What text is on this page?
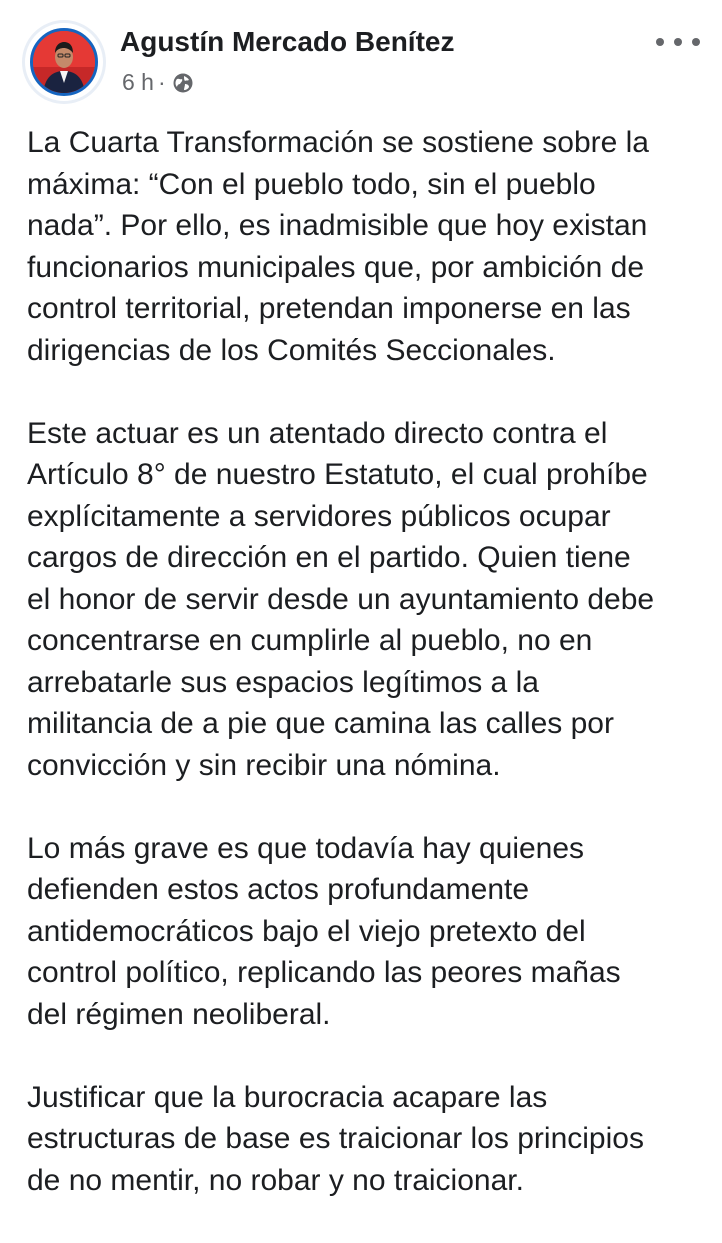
Agustín Mercado Benítez
6 h ·

La Cuarta Transformación se sostiene sobre la
máxima: “Con el pueblo todo, sin el pueblo
nada”. Por ello, es inadmisible que hoy existan
funcionarios municipales que, por ambición de
control territorial, pretendan imponerse en las
dirigencias de los Comités Seccionales.

Este actuar es un atentado directo contra el
Artículo 8° de nuestro Estatuto, el cual prohíbe
explícitamente a servidores públicos ocupar
cargos de dirección en el partido. Quien tiene
el honor de servir desde un ayuntamiento debe
concentrarse en cumplirle al pueblo, no en
arrebatarle sus espacios legítimos a la
militancia de a pie que camina las calles por
convicción y sin recibir una nómina.

Lo más grave es que todavía hay quienes
defienden estos actos profundamente
antidemocráticos bajo el viejo pretexto del
control político, replicando las peores mañas
del régimen neoliberal.

Justificar que la burocracia acapare las
estructuras de base es traicionar los principios
de no mentir, no robar y no traicionar.
